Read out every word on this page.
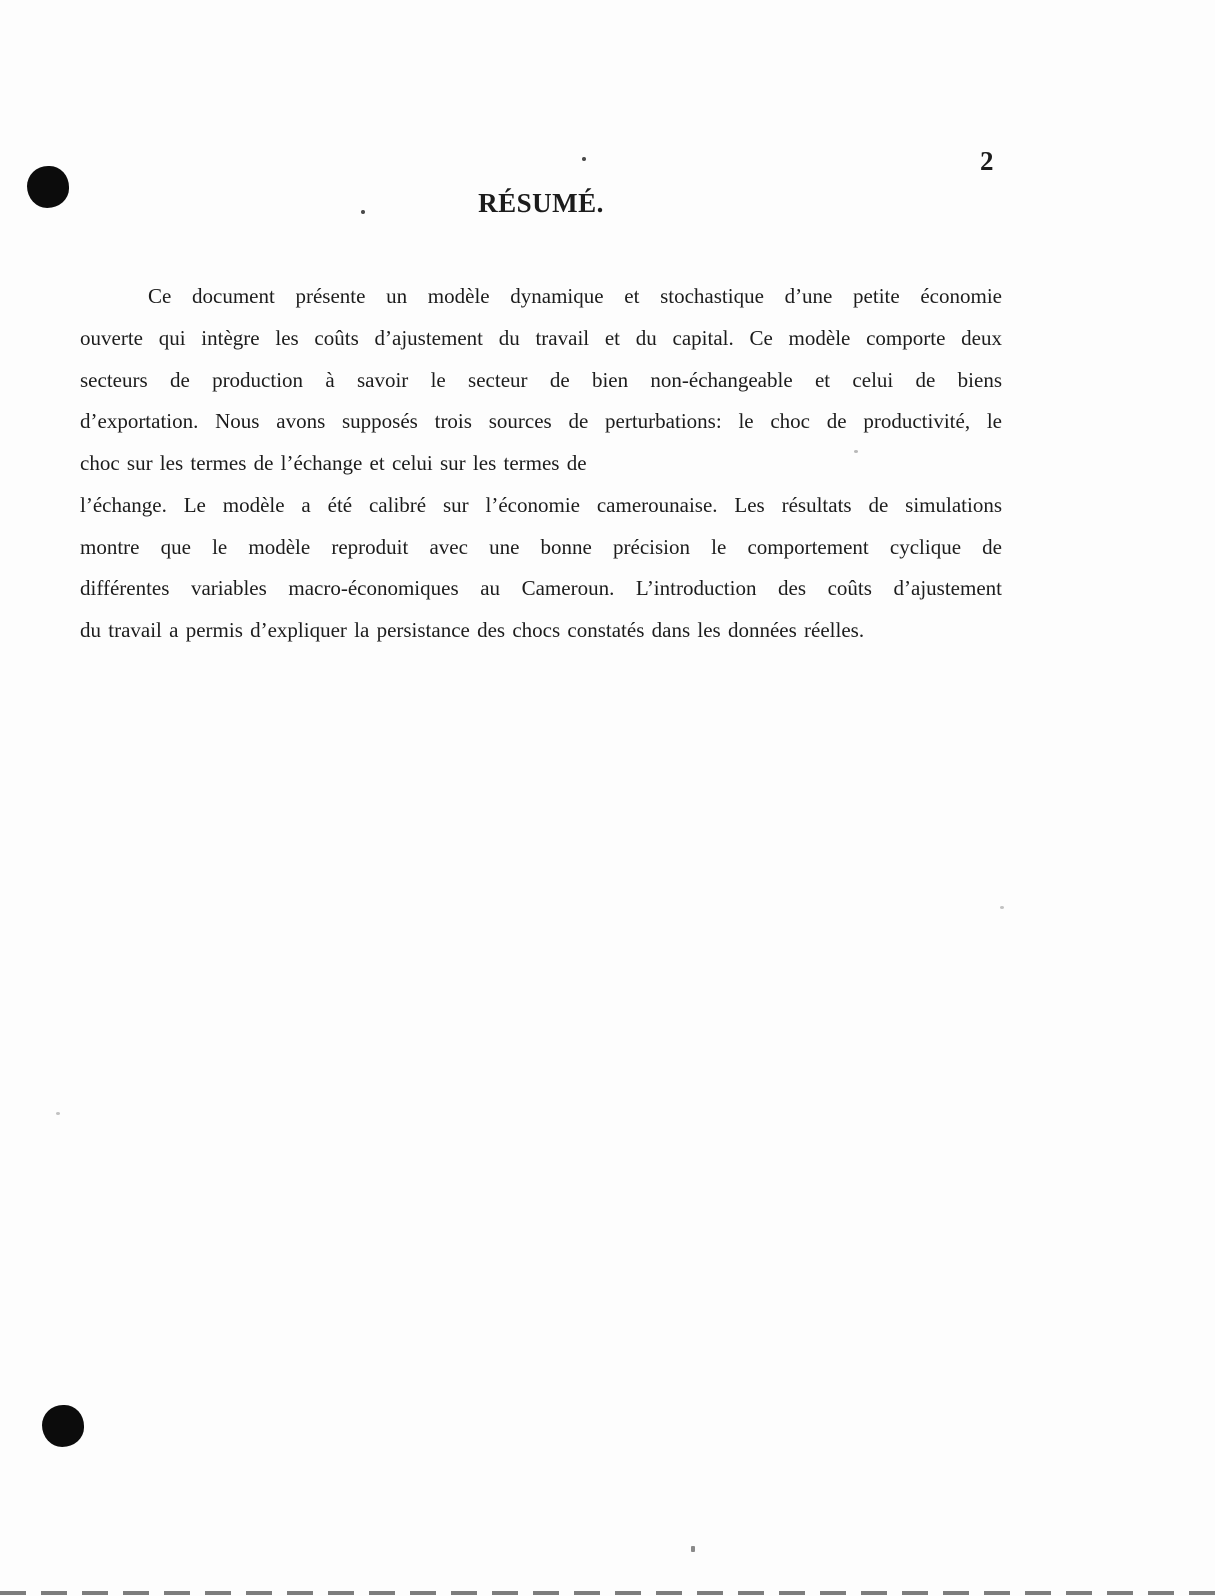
2
RÉSUMÉ.
Ce document présente un modèle dynamique et stochastique d’une petite économie
ouverte qui intègre les coûts d’ajustement du travail et du capital. Ce modèle comporte deux
secteurs de production à savoir le secteur de bien non-échangeable et celui de biens
d’exportation. Nous avons supposés trois sources de perturbations: le choc de productivité, le
choc sur les termes de l’échange et celui sur les termes de
l’échange. Le modèle a été calibré sur l’économie camerounaise. Les résultats de simulations
montre que le modèle reproduit avec une bonne précision le comportement cyclique de
différentes variables macro-économiques au Cameroun. L’introduction des coûts d’ajustement
du travail a permis d’expliquer la persistance des chocs constatés dans les données réelles.
